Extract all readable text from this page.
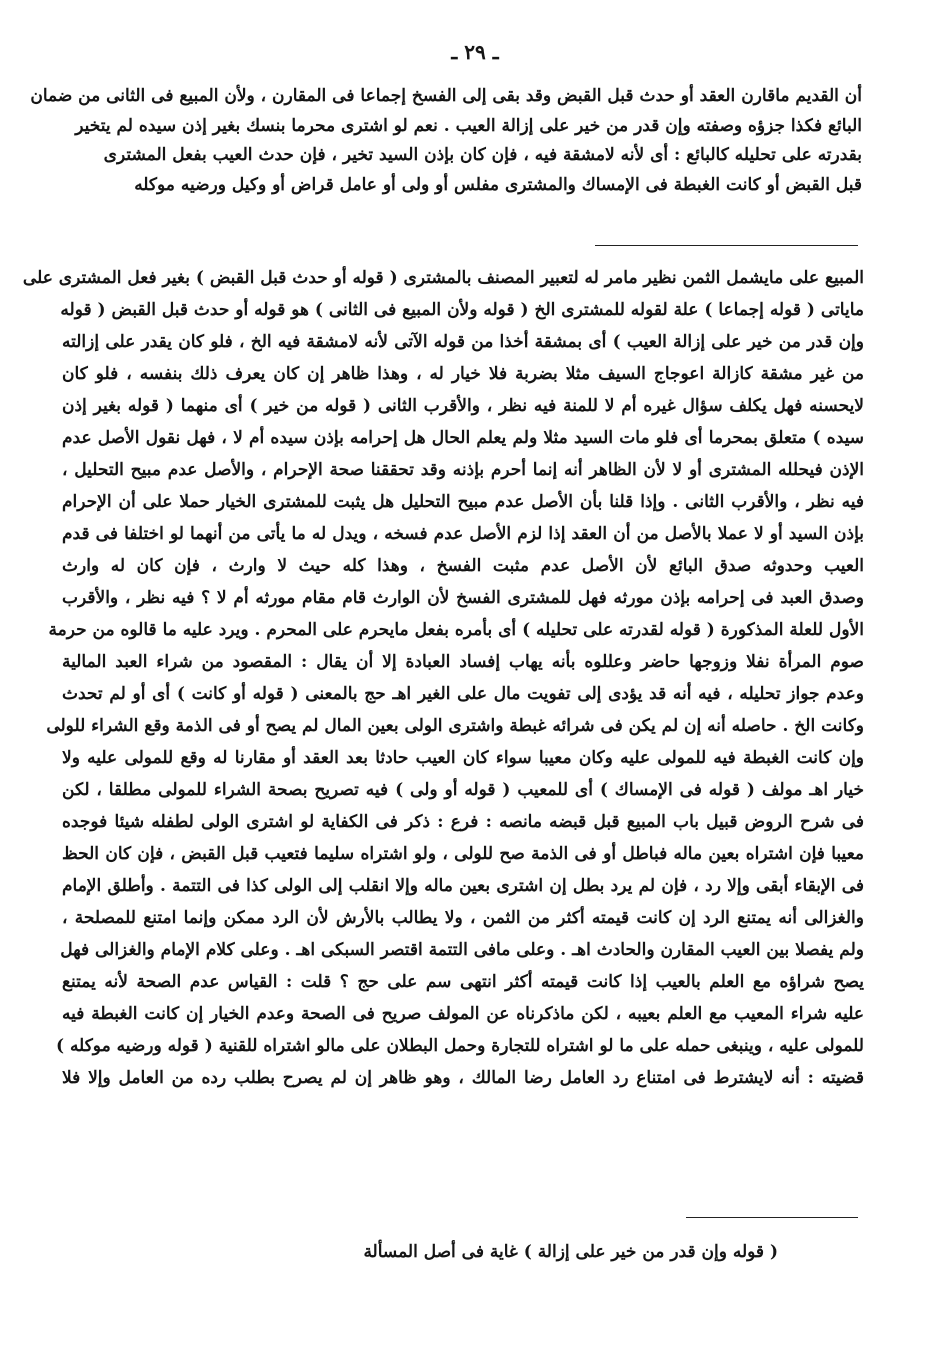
ـ ٢٩ ـ
أن القديم ماقارن العقد أو حدث قبل القبض وقد بقى إلى الفسخ إجماعا فى المقارن ، ولأن المبيع فى الثانى من ضمان
البائع فكذا جزؤه وصفته وإن قدر من خير على إزالة العيب . نعم لو اشترى محرما بنسك بغير إذن سيده لم يتخير
بقدرته على تحليله كالبائع : أى لأنه لامشقة فيه ، فإن كان بإذن السيد تخير ، فإن حدث العيب بفعل المشترى
قبل القبض أو كانت الغبطة فى الإمساك والمشترى مفلس أو ولى أو عامل قراض أو وكيل ورضيه موكله
المبيع على مايشمل الثمن نظير مامر له لتعبير المصنف بالمشترى ( قوله أو حدث قبل القبض ) بغير فعل المشترى على
ماياتى ( قوله إجماعا ) علة لقوله للمشترى الخ ( قوله ولأن المبيع فى الثانى ) هو قوله أو حدث قبل القبض ( قوله
وإن قدر من خير على إزالة العيب ) أى بمشقة أخذا من قوله الآتى لأنه لامشقة فيه الخ ، فلو كان يقدر على إزالته
من غير مشقة كازالة اعوجاج السيف مثلا بضربة فلا خيار له ، وهذا ظاهر إن كان يعرف ذلك بنفسه ، فلو كان
لايحسنه فهل يكلف سؤال غيره أم لا للمنة فيه نظر ، والأقرب الثانى ( قوله من خير ) أى منهما ( قوله بغير إذن
سيده ) متعلق بمحرما أى فلو مات السيد مثلا ولم يعلم الحال هل إحرامه بإذن سيده أم لا ، فهل نقول الأصل عدم
الإذن فيحلله المشترى أو لا لأن الظاهر أنه إنما أحرم بإذنه وقد تحققنا صحة الإحرام ، والأصل عدم مبيح التحليل ،
فيه نظر ، والأقرب الثانى . وإذا قلنا بأن الأصل عدم مبيح التحليل هل يثبت للمشترى الخيار حملا على أن الإحرام
بإذن السيد أو لا عملا بالأصل من أن العقد إذا لزم الأصل عدم فسخه ، ويدل له ما يأتى من أنهما لو اختلفا فى قدم
العيب وحدوثه صدق البائع لأن الأصل عدم مثبت الفسخ ، وهذا كله حيث لا وارث ، فإن كان له وارث
وصدق العبد فى إحرامه بإذن مورثه فهل للمشترى الفسخ لأن الوارث قام مقام مورثه أم لا ؟ فيه نظر ، والأقرب
الأول للعلة المذكورة ( قوله لقدرته على تحليله ) أى بأمره بفعل مايحرم على المحرم . ويرد عليه ما قالوه من حرمة
صوم المرأة نفلا وزوجها حاضر وعللوه بأنه يهاب إفساد العبادة إلا أن يقال : المقصود من شراء العبد المالية
وعدم جواز تحليله ، فيه أنه قد يؤدى إلى تفويت مال على الغير اهـ حج بالمعنى ( قوله أو كانت ) أى أو لم تحدث
وكانت الخ . حاصله أنه إن لم يكن فى شرائه غبطة واشترى الولى بعين المال لم يصح أو فى الذمة وقع الشراء للولى
وإن كانت الغبطة فيه للمولى عليه وكان معيبا سواء كان العيب حادثا بعد العقد أو مقارنا له وقع للمولى عليه ولا
خيار اهـ مولف ( قوله فى الإمساك ) أى للمعيب ( قوله أو ولى ) فيه تصريح بصحة الشراء للمولى مطلقا ، لكن
فى شرح الروض قبيل باب المبيع قبل قبضه مانصه : فرع : ذكر فى الكفاية لو اشترى الولى لطفله شيئا فوجده
معيبا فإن اشتراه بعين ماله فباطل أو فى الذمة صح للولى ، ولو اشتراه سليما فتعيب قبل القبض ، فإن كان الحظ
فى الإبقاء أبقى وإلا رد ، فإن لم يرد بطل إن اشترى بعين ماله وإلا انقلب إلى الولى كذا فى التتمة . وأطلق الإمام
والغزالى أنه يمتنع الرد إن كانت قيمته أكثر من الثمن ، ولا يطالب بالأرش لأن الرد ممكن وإنما امتنع للمصلحة ،
ولم يفصلا بين العيب المقارن والحادث اهـ . وعلى مافى التتمة اقتصر السبكى اهـ . وعلى كلام الإمام والغزالى فهل
يصح شراؤه مع العلم بالعيب إذا كانت قيمته أكثر انتهى سم على حج ؟ قلت : القياس عدم الصحة لأنه يمتنع
عليه شراء المعيب مع العلم بعيبه ، لكن ماذكرناه عن المولف صريح فى الصحة وعدم الخيار إن كانت الغبطة فيه
للمولى عليه ، وينبغى حمله على ما لو اشتراه للتجارة وحمل البطلان على مالو اشتراه للقنية ( قوله ورضيه موكله )
قضيته : أنه لايشترط فى امتناع رد العامل رضا المالك ، وهو ظاهر إن لم يصرح بطلب رده من العامل وإلا فلا
( قوله وإن قدر من خير على إزالة ) غاية فى أصل المسألة
